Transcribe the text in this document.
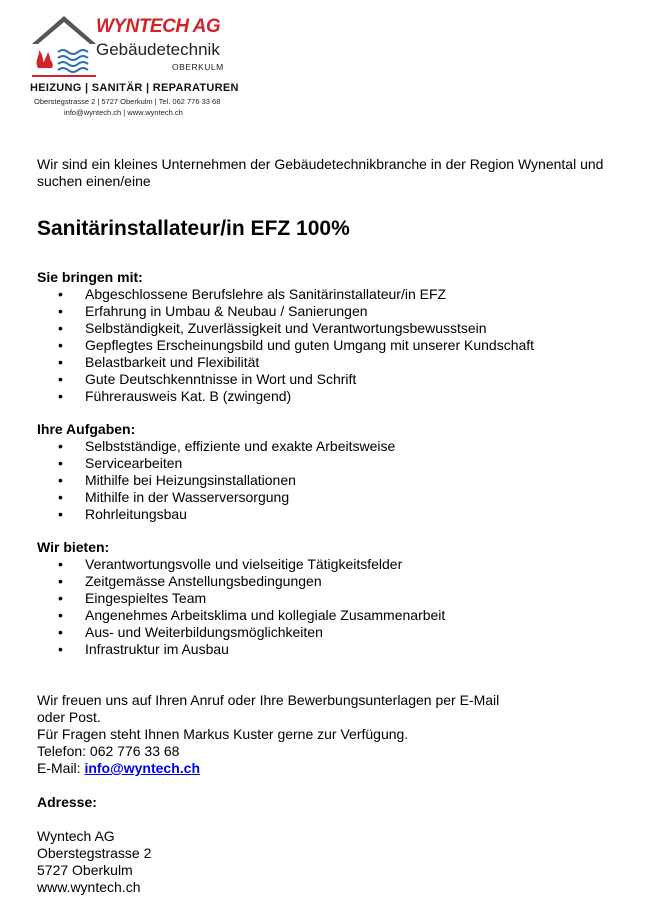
WYNTECH AG
Gebäudetechnik
OBERKULM
HEIZUNG | SANITÄR | REPARATUREN
Oberstegstrasse 2 | 5727 Oberkulm | Tel. 062 776 33 68
info@wyntech.ch | www.wyntech.ch

Wir sind ein kleines Unternehmen der Gebäudetechnikbranche in der Region Wynental und suchen einen/eine

Sanitärinstallateur/in EFZ 100%

Sie bringen mit:

• Abgeschlossene Berufslehre als Sanitärinstallateur/in EFZ
• Erfahrung in Umbau & Neubau / Sanierungen
• Selbständigkeit, Zuverlässigkeit und Verantwortungsbewusstsein
• Gepflegtes Erscheinungsbild und guten Umgang mit unserer Kundschaft
• Belastbarkeit und Flexibilität
• Gute Deutschkenntnisse in Wort und Schrift
• Führerausweis Kat. B (zwingend)

Ihre Aufgaben:

• Selbstständige, effiziente und exakte Arbeitsweise
• Servicearbeiten
• Mithilfe bei Heizungsinstallationen
• Mithilfe in der Wasserversorgung
• Rohrleitungsbau

Wir bieten:

• Verantwortungsvolle und vielseitige Tätigkeitsfelder
• Zeitgemässe Anstellungsbedingungen
• Eingespieltes Team
• Angenehmes Arbeitsklima und kollegiale Zusammenarbeit
• Aus- und Weiterbildungsmöglichkeiten
• Infrastruktur im Ausbau

Wir freuen uns auf Ihren Anruf oder Ihre Bewerbungsunterlagen per E-Mail

oder Post.

Für Fragen steht Ihnen Markus Kuster gerne zur Verfügung.

Telefon: 062 776 33 68

E-Mail: info@wyntech.ch

Adresse:

Wyntech AG

Oberstegstrasse 2

5727 Oberkulm

www.wyntech.ch
